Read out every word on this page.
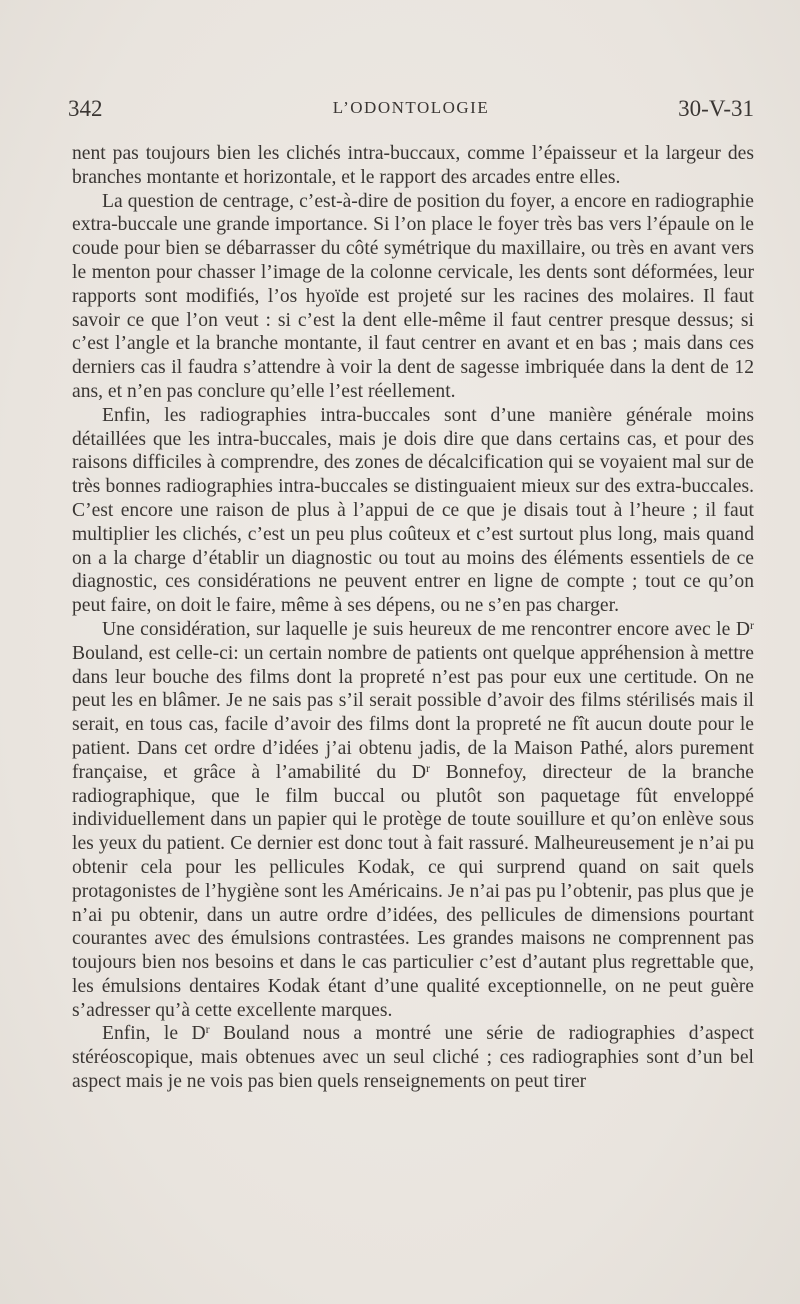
342	L’ODONTOLOGIE	30-V-31

nent pas toujours bien les clichés intra-buccaux, comme l’épaisseur et la largeur des branches montante et horizontale, et le rapport des arcades entre elles.

La question de centrage, c’est-à-dire de position du foyer, a encore en radiographie extra-buccale une grande importance. Si l’on place le foyer très bas vers l’épaule on le coude pour bien se débarrasser du côté symétrique du maxillaire, ou très en avant vers le menton pour chasser l’image de la colonne cervicale, les dents sont déformées, leur rapports sont modifiés, l’os hyoïde est projeté sur les racines des molaires. Il faut savoir ce que l’on veut : si c’est la dent elle-même il faut centrer presque dessus; si c’est l’angle et la branche montante, il faut centrer en avant et en bas ; mais dans ces derniers cas il faudra s’attendre à voir la dent de sagesse imbriquée dans la dent de 12 ans, et n’en pas conclure qu’elle l’est réellement.

Enfin, les radiographies intra-buccales sont d’une manière générale moins détaillées que les intra-buccales, mais je dois dire que dans certains cas, et pour des raisons difficiles à comprendre, des zones de décalcification qui se voyaient mal sur de très bonnes radiographies intra-buccales se distinguaient mieux sur des extra-buccales. C’est encore une raison de plus à l’appui de ce que je disais tout à l’heure ; il faut multiplier les clichés, c’est un peu plus coûteux et c’est surtout plus long, mais quand on a la charge d’établir un diagnostic ou tout au moins des éléments essentiels de ce diagnostic, ces considérations ne peuvent entrer en ligne de compte ; tout ce qu’on peut faire, on doit le faire, même à ses dépens, ou ne s’en pas charger.

Une considération, sur laquelle je suis heureux de me rencontrer encore avec le $D^r$ Bouland, est celle-ci: un certain nombre de patients ont quelque appréhension à mettre dans leur bouche des films dont la propreté n’est pas pour eux une certitude. On ne peut les en blâmer. Je ne sais pas s’il serait possible d’avoir des films stérilisés mais il serait, en tous cas, facile d’avoir des films dont la propreté ne fît aucun doute pour le patient. Dans cet ordre d’idées j’ai obtenu jadis, de la Maison Pathé, alors purement française, et grâce à l’amabilité du $D^r$ Bonnefoy, directeur de la branche radiographique, que le film buccal ou plutôt son paquetage fût enveloppé individuellement dans un papier qui le protège de toute souillure et qu’on enlève sous les yeux du patient. Ce dernier est donc tout à fait rassuré. Malheureusement je n’ai pu obtenir cela pour les pellicules Kodak, ce qui surprend quand on sait quels protagonistes de l’hygiène sont les Américains. Je n’ai pas pu l’obtenir, pas plus que je n’ai pu obtenir, dans un autre ordre d’idées, des pellicules de dimensions pourtant courantes avec des émulsions contrastées. Les grandes maisons ne comprennent pas toujours bien nos besoins et dans le cas particulier c’est d’autant plus regrettable que, les émulsions dentaires Kodak étant d’une qualité exceptionnelle, on ne peut guère s’adresser qu’à cette excellente marques.

Enfin, le $D^r$ Bouland nous a montré une série de radiographies d’aspect stéréoscopique, mais obtenues avec un seul cliché ; ces radiographies sont d’un bel aspect mais je ne vois pas bien quels renseignements on peut tirer
